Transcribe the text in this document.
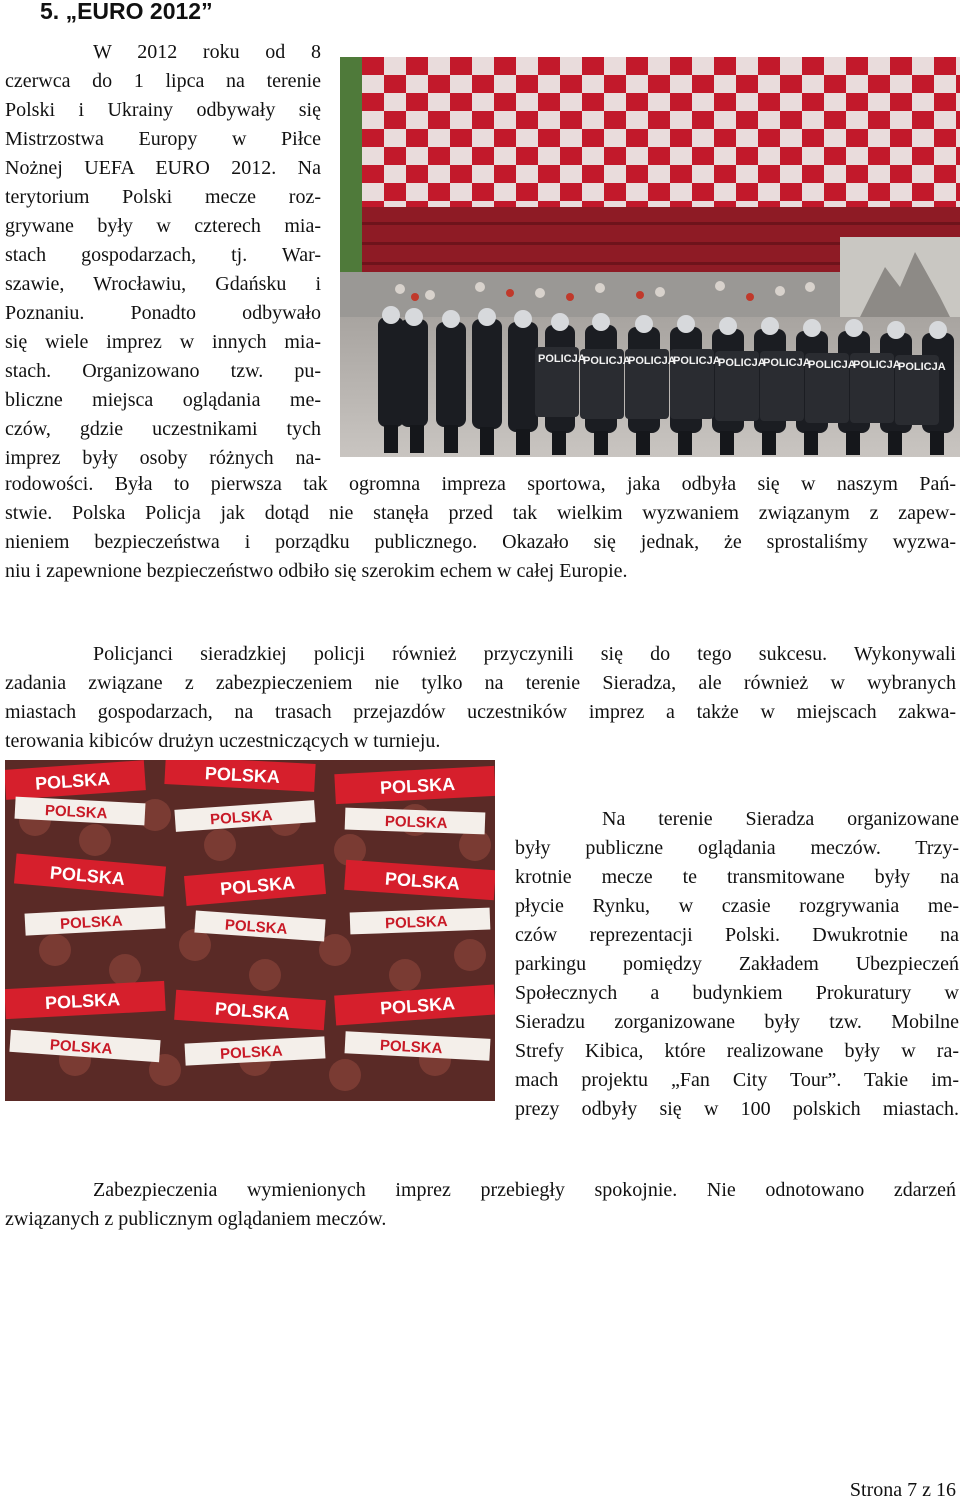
5. „EURO 2012”

W 2012 roku od 8

czerwca do 1 lipca na terenie

Polski i Ukrainy odbywały się

Mistrzostwa Europy w Piłce

Nożnej UEFA EURO 2012. Na

terytorium Polski mecze roz-

grywane były w czterech mia-

stach gospodarzach, tj. War-

szawie, Wrocławiu, Gdańsku i

Poznaniu. Ponadto odbywało

się wiele imprez w innych mia-

stach. Organizowano tzw. pu-

bliczne miejsca oglądania me-

czów, gdzie uczestnikami tych

imprez były osoby różnych na-

rodowości. Była to pierwsza tak ogromna impreza sportowa, jaka odbyła się w naszym Pań-

stwie. Polska Policja jak dotąd nie stanęła przed tak wielkim wyzwaniem związanym z zapew-

nieniem bezpieczeństwa i porządku publicznego. Okazało się jednak, że sprostaliśmy wyzwa-

niu i zapewnione bezpieczeństwo odbiło się szerokim echem w całej Europie.

POLICJA
POLICJA
POLICJA
POLICJA
POLICJA
POLICJA
POLICJA
POLICJA
POLICJA

Policjanci sieradzkiej policji również przyczynili się do tego sukcesu. Wykonywali

zadania związane z zabezpieczeniem nie tylko na terenie Sieradza, ale również w wybranych

miastach gospodarzach, na trasach przejazdów uczestników imprez a także w miejscach zakwa-

terowania kibiców drużyn uczestniczących w turnieju.

POLSKA	POLSKA	POLSKA
POLSKA	POLSKA	POLSKA
POLSKA	POLSKA	POLSKA
POLSKA	POLSKA	POLSKA
POLSKA	POLSKA	POLSKA
POLSKA	POLSKA	POLSKA

Na terenie Sieradza organizowane

były publiczne oglądania meczów. Trzy-

krotnie mecze te transmitowane były na

płycie Rynku, w czasie rozgrywania me-

czów reprezentacji Polski. Dwukrotnie na

parkingu pomiędzy Zakładem Ubezpieczeń

Społecznych a budynkiem Prokuratury w

Sieradzu zorganizowane były tzw. Mobilne

Strefy Kibica, które realizowane były w ra-

mach projektu „Fan City Tour”. Takie im-

prezy odbyły się w 100 polskich miastach.

Zabezpieczenia wymienionych imprez przebiegły spokojnie. Nie odnotowano zdarzeń

związanych z publicznym oglądaniem meczów.

Strona 7 z 16
